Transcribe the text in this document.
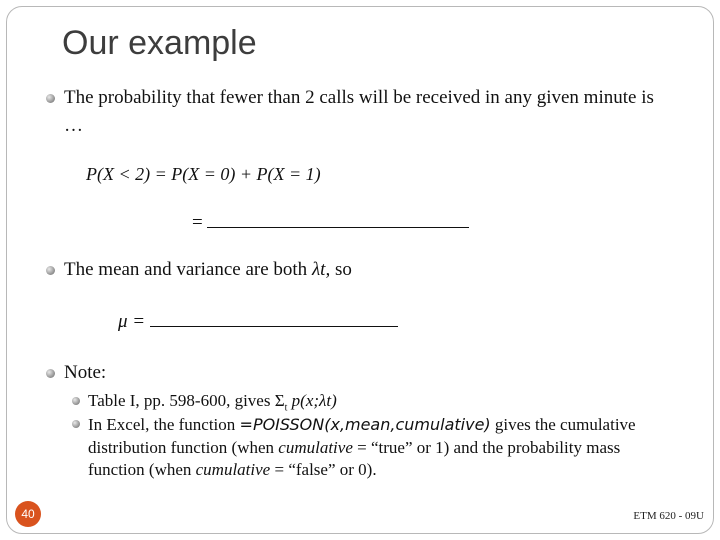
Our example
The probability that fewer than 2 calls will be received in any given minute is
…
P(X < 2) = P(X = 0) + P(X = 1)
=
The mean and variance are both λt, so
μ =
Note:
Table I, pp. 598-600, gives $\Sigma_t$ p(x;λt)
In Excel, the function =POISSON(x,mean,cumulative) gives the cumulative
distribution function (when cumulative = “true” or 1) and the probability mass
function (when cumulative = “false” or 0).
40	ETM 620 - 09U
